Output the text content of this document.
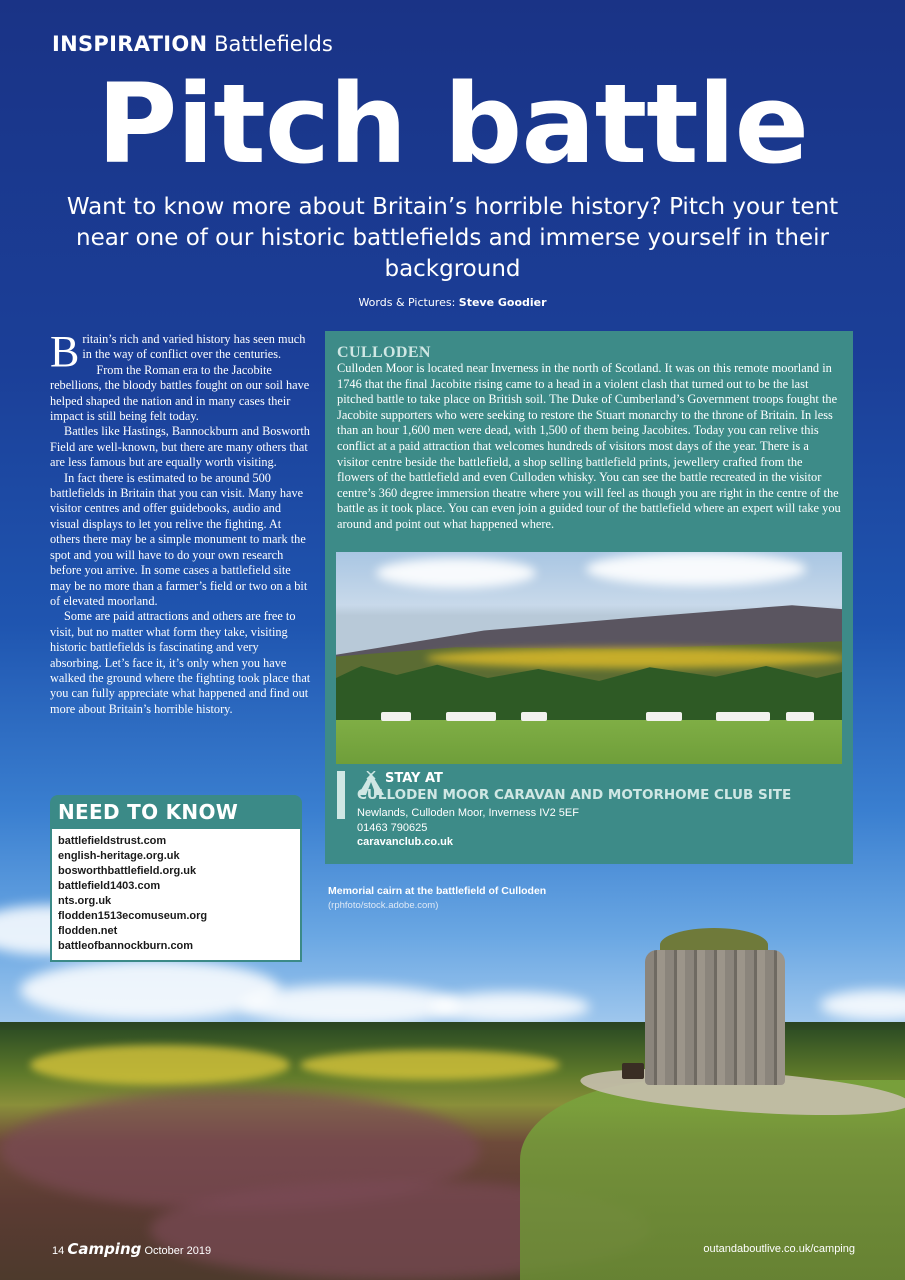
INSPIRATION Battlefields
Pitch battle
Want to know more about Britain’s horrible history? Pitch your tent near one of our historic battlefields and immerse yourself in their background
Words & Pictures: Steve Goodier

Britain’s rich and varied history has seen much in the way of conflict over the centuries.

From the Roman era to the Jacobite rebellions, the bloody battles fought on our soil have helped shaped the nation and in many cases their impact is still being felt today.

Battles like Hastings, Bannockburn and Bosworth Field are well-known, but there are many others that are less famous but are equally worth visiting.

In fact there is estimated to be around 500 battlefields in Britain that you can visit. Many have visitor centres and offer guidebooks, audio and visual displays to let you relive the fighting. At others there may be a simple monument to mark the spot and you will have to do your own research before you arrive. In some cases a battlefield site may be no more than a farmer’s field or two on a bit of elevated moorland.

Some are paid attractions and others are free to visit, but no matter what form they take, visiting historic battlefields is fascinating and very absorbing. Let’s face it, it’s only when you have walked the ground where the fighting took place that you can fully appreciate what happened and find out more about Britain’s horrible history.

NEED TO KNOW
battlefieldstrust.com
english-heritage.org.uk
bosworthbattlefield.org.uk
battlefield1403.com
nts.org.uk
flodden1513ecomuseum.org
flodden.net
battleofbannockburn.com
CULLODEN
Culloden Moor is located near Inverness in the north of Scotland. It was on this remote moorland in 1746 that the final Jacobite rising came to a head in a violent clash that turned out to be the last pitched battle to take place on British soil. The Duke of Cumberland’s Government troops fought the Jacobite supporters who were seeking to restore the Stuart monarchy to the throne of Britain. In less than an hour 1,600 men were dead, with 1,500 of them being Jacobites. Today you can relive this conflict at a paid attraction that welcomes hundreds of visitors most days of the year. There is a visitor centre beside the battlefield, a shop selling battlefield prints, jewellery crafted from the flowers of the battlefield and even Culloden whisky. You can see the battle recreated in the visitor centre’s 360 degree immersion theatre where you will feel as though you are right in the centre of the battle as it took place. You can even join a guided tour of the battlefield where an expert will take you around and point out what happened where.
STAY AT
CULLODEN MOOR CARAVAN AND MOTORHOME CLUB SITE
Newlands, Culloden Moor, Inverness IV2 5EF
01463 790625
caravanclub.co.uk
Memorial cairn at the battlefield of Culloden
(rphfoto/stock.adobe.com)
14 Camping October 2019	outandaboutlive.co.uk/camping
